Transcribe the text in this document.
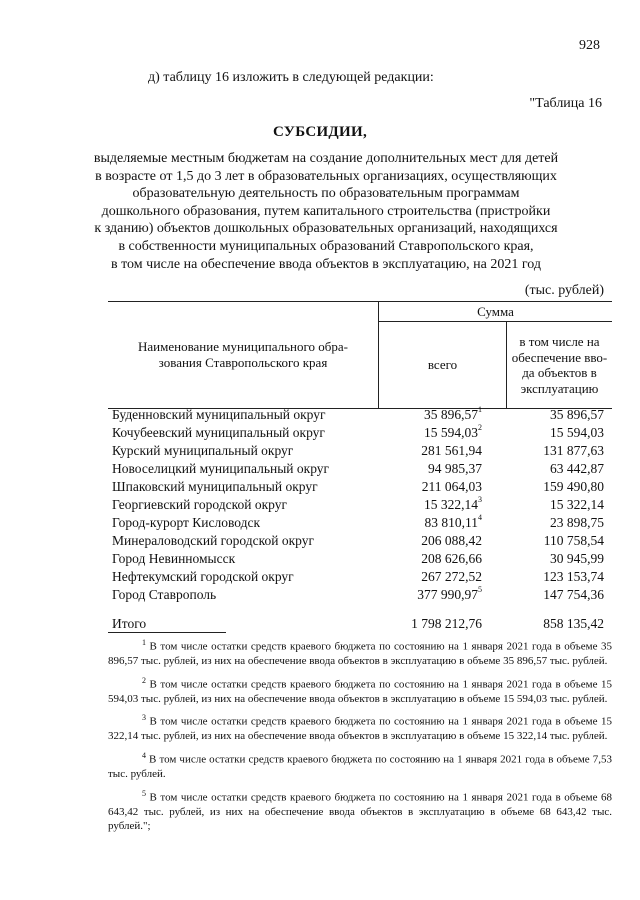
928
д) таблицу 16 изложить в следующей редакции:
"Таблица 16
СУБСИДИИ,
выделяемые местным бюджетам на создание дополнительных мест для детей
в возрасте от 1,5 до 3 лет в образовательных организациях, осуществляющих
образовательную деятельность по образовательным программам
дошкольного образования, путем капитального строительства (пристройки
к зданию) объектов дошкольных образовательных организаций, находящихся
в собственности муниципальных образований Ставропольского края,
в том числе на обеспечение ввода объектов в эксплуатацию, на 2021 год
(тыс. рублей)
Наименование муниципального обра-
зования Ставропольского края	Сумма	
	всего	в том числе на
обеспечение вво-
да объектов в
эксплуатацию
Буденновский муниципальный округ	35 896,57$^1$	35 896,57
Кочубеевский муниципальный округ	15 594,03$^2$	15 594,03
Курский муниципальный округ	281 561,94	131 877,63
Новоселицкий муниципальный округ	94 985,37	63 442,87
Шпаковский муниципальный округ	211 064,03	159 490,80
Георгиевский городской округ	15 322,14$^3$	15 322,14
Город-курорт Кисловодск	83 810,11$^4$	23 898,75
Минераловодский городской округ	206 088,42	110 758,54
Город Невинномысск	208 626,66	30 945,99
Нефтекумский городской округ	267 272,52	123 153,74
Город Ставрополь	377 990,97$^5$	147 754,36
Итого	1 798 212,76	858 135,42

$^1$ В том числе остатки средств краевого бюджета по состоянию на 1 января 2021 года в объеме 35 896,57 тыс. рублей, из них на обеспечение ввода объектов в эксплуатацию в объеме 35 896,57 тыс. рублей.

$^2$ В том числе остатки средств краевого бюджета по состоянию на 1 января 2021 года в объеме 15 594,03 тыс. рублей, из них на обеспечение ввода объектов в эксплуатацию в объеме 15 594,03 тыс. рублей.

$^3$ В том числе остатки средств краевого бюджета по состоянию на 1 января 2021 года в объеме 15 322,14 тыс. рублей, из них на обеспечение ввода объектов в эксплуатацию в объеме 15 322,14 тыс. рублей.

$^4$ В том числе остатки средств краевого бюджета по состоянию на 1 января 2021 года в объеме 7,53 тыс. рублей.

$^5$ В том числе остатки средств краевого бюджета по состоянию на 1 января 2021 года в объеме 68 643,42 тыс. рублей, из них на обеспечение ввода объектов в эксплуатацию в объеме 68 643,42 тыс. рублей.";
